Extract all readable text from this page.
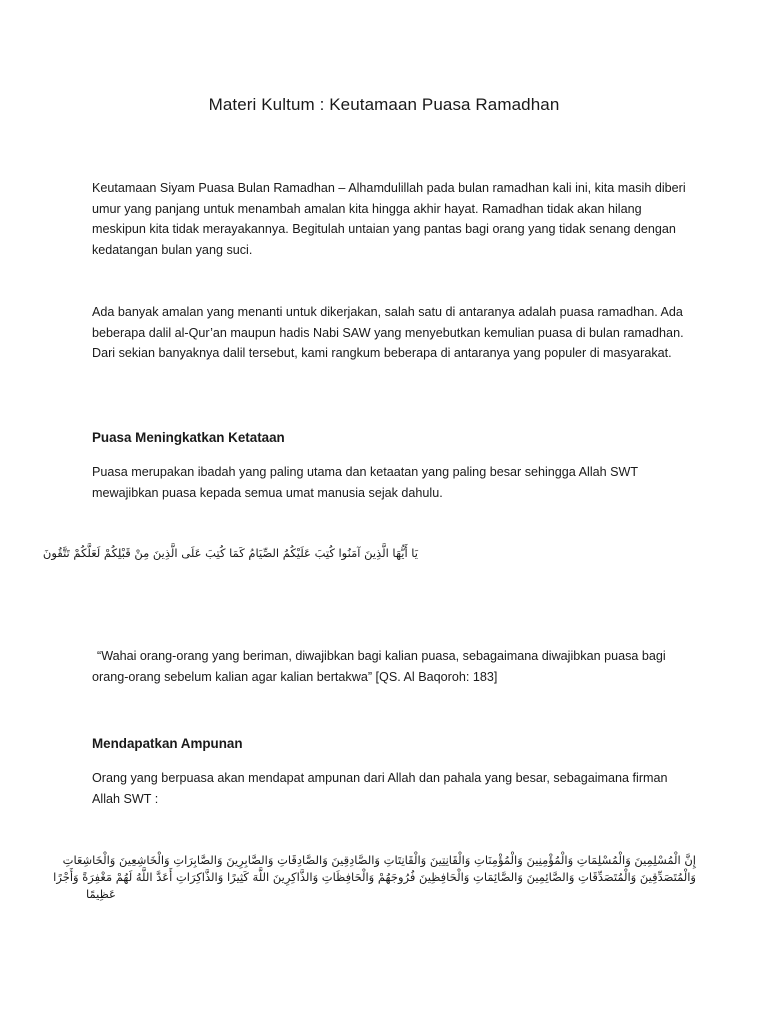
Materi Kultum : Keutamaan Puasa Ramadhan

Keutamaan Siyam Puasa Bulan Ramadhan – Alhamdulillah pada bulan ramadhan kali ini, kita masih diberi umur yang panjang untuk menambah amalan kita hingga akhir hayat. Ramadhan tidak akan hilang meskipun kita tidak merayakannya. Begitulah untaian yang pantas bagi orang yang tidak senang dengan kedatangan bulan yang suci.

Ada banyak amalan yang menanti untuk dikerjakan, salah satu di antaranya adalah puasa ramadhan. Ada beberapa dalil al-Qur’an maupun hadis Nabi SAW yang menyebutkan kemulian puasa di bulan ramadhan. Dari sekian banyaknya dalil tersebut, kami rangkum beberapa di antaranya yang populer di masyarakat.

Puasa Meningkatkan Ketataan

Puasa merupakan ibadah yang paling utama dan ketaatan yang paling besar sehingga Allah SWT mewajibkan puasa kepada semua umat manusia sejak dahulu.

يَا أَيُّهَا الَّذِينَ آمَنُوا كُتِبَ عَلَيْكُمُ الصِّيَامُ كَمَا كُتِبَ عَلَى الَّذِينَ مِنْ قَبْلِكُمْ لَعَلَّكُمْ تَتَّقُونَ

“Wahai orang-orang yang beriman, diwajibkan bagi kalian puasa, sebagaimana diwajibkan puasa bagi orang-orang sebelum kalian agar kalian bertakwa” [QS. Al Baqoroh: 183]

Mendapatkan Ampunan

Orang yang berpuasa akan mendapat ampunan dari Allah dan pahala yang besar, sebagaimana firman Allah SWT :

إِنَّ الْمُسْلِمِينَ وَالْمُسْلِمَاتِ وَالْمُؤْمِنِينَ وَالْمُؤْمِنَاتِ وَالْقَانِتِينَ وَالْقَانِتَاتِ وَالصَّادِقِينَ وَالصَّادِقَاتِ وَالصَّابِرِينَ وَالصَّابِرَاتِ وَالْخَاشِعِينَ وَالْخَاشِعَاتِ
وَالْمُتَصَدِّقِينَ وَالْمُتَصَدِّقَاتِ وَالصَّائِمِينَ وَالصَّائِمَاتِ وَالْحَافِظِينَ فُرُوجَهُمْ وَالْحَافِظَاتِ وَالذَّاكِرِينَ اللَّهَ كَثِيرًا وَالذَّاكِرَاتِ أَعَدَّ اللَّهُ لَهُمْ مَغْفِرَةً وَأَجْرًا
عَظِيمًا
